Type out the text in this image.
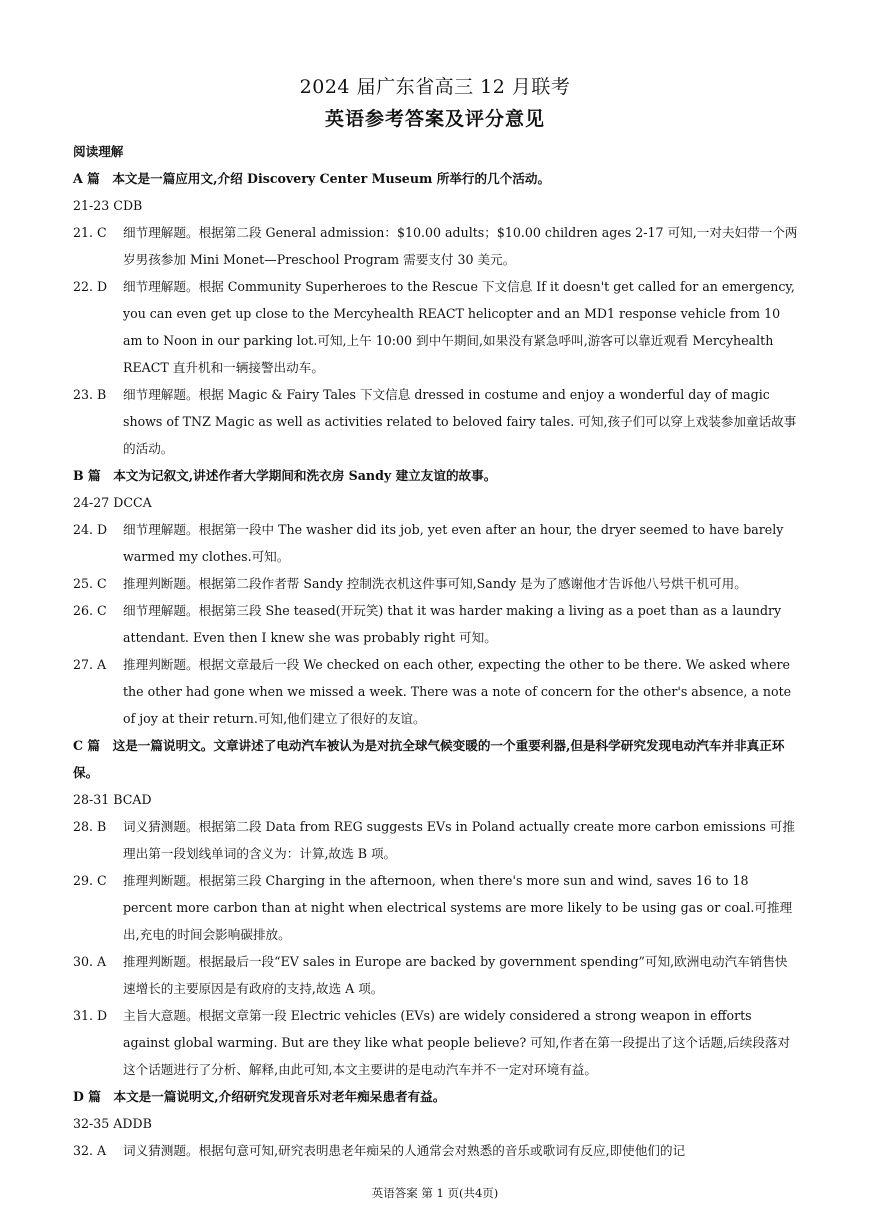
2024 届广东省高三 12 月联考
英语参考答案及评分意见
阅读理解
A 篇　本文是一篇应用文,介绍 Discovery Center Museum 所举行的几个活动。
21-23 CDB
21. C	细节理解题。根据第二段 General admission：$10.00 adults；$10.00 children ages 2-17 可知,一对夫妇带一个两岁男孩参加 Mini Monet—Preschool Program 需要支付 30 美元。
22. D	细节理解题。根据 Community Superheroes to the Rescue 下文信息 If it doesn't get called for an emergency, you can even get up close to the Mercyhealth REACT helicopter and an MD1 response vehicle from 10 am to Noon in our parking lot.可知,上午 10:00 到中午期间,如果没有紧急呼叫,游客可以靠近观看 Mercyhealth REACT 直升机和一辆接警出动车。
23. B	细节理解题。根据 Magic & Fairy Tales 下文信息 dressed in costume and enjoy a wonderful day of magic shows of TNZ Magic as well as activities related to beloved fairy tales. 可知,孩子们可以穿上戏装参加童话故事的活动。
B 篇　本文为记叙文,讲述作者大学期间和洗衣房 Sandy 建立友谊的故事。
24-27 DCCA
24. D	细节理解题。根据第一段中 The washer did its job, yet even after an hour, the dryer seemed to have barely warmed my clothes.可知。
25. C	推理判断题。根据第二段作者帮 Sandy 控制洗衣机这件事可知,Sandy 是为了感谢他才告诉他八号烘干机可用。
26. C	细节理解题。根据第三段 She teased(开玩笑) that it was harder making a living as a poet than as a laundry attendant. Even then I knew she was probably right 可知。
27. A	推理判断题。根据文章最后一段 We checked on each other, expecting the other to be there. We asked where the other had gone when we missed a week. There was a note of concern for the other's absence, a note of joy at their return.可知,他们建立了很好的友谊。
C 篇　这是一篇说明文。文章讲述了电动汽车被认为是对抗全球气候变暖的一个重要利器,但是科学研究发现电动汽车并非真正环保。
28-31 BCAD
28. B	词义猜测题。根据第二段 Data from REG suggests EVs in Poland actually create more carbon emissions 可推理出第一段划线单词的含义为：计算,故选 B 项。
29. C	推理判断题。根据第三段 Charging in the afternoon, when there's more sun and wind, saves 16 to 18 percent more carbon than at night when electrical systems are more likely to be using gas or coal.可推理出,充电的时间会影响碳排放。
30. A	推理判断题。根据最后一段“EV sales in Europe are backed by government spending”可知,欧洲电动汽车销售快速增长的主要原因是有政府的支持,故选 A 项。
31. D	主旨大意题。根据文章第一段 Electric vehicles (EVs) are widely considered a strong weapon in efforts against global warming. But are they like what people believe? 可知,作者在第一段提出了这个话题,后续段落对这个话题进行了分析、解释,由此可知,本文主要讲的是电动汽车并不一定对环境有益。
D 篇　本文是一篇说明文,介绍研究发现音乐对老年痴呆患者有益。
32-35 ADDB
32. A	词义猜测题。根据句意可知,研究表明患老年痴呆的人通常会对熟悉的音乐或歌词有反应,即使他们的记
英语答案 第 1 页(共4页)
